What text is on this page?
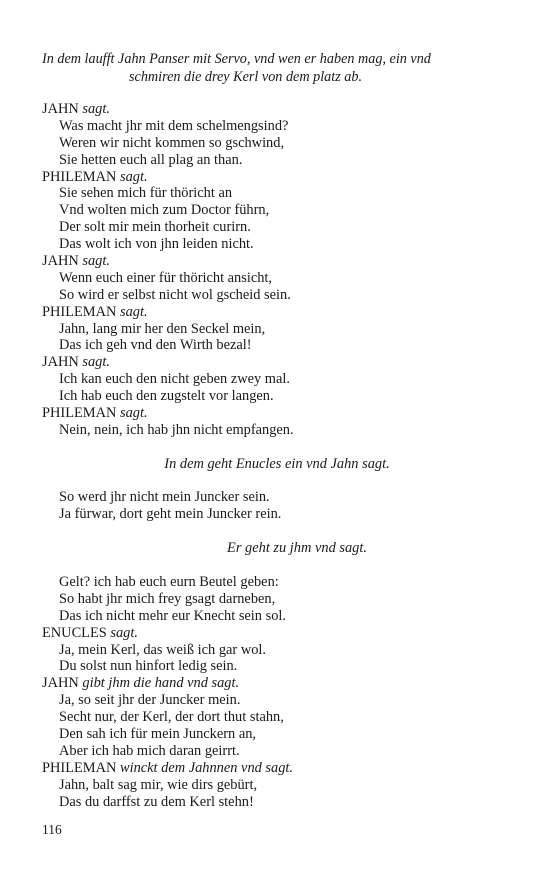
In dem laufft Jahn Panser mit Servo, vnd wen er haben mag, ein vnd
schmiren die drey Kerl von dem platz ab.
JAHN sagt.
Was macht jhr mit dem schelmengsind?
Weren wir nicht kommen so gschwind,
Sie hetten euch all plag an than.
PHILEMAN sagt.
Sie sehen mich für thöricht an
Vnd wolten mich zum Doctor führn,
Der solt mir mein thorheit curirn.
Das wolt ich von jhn leiden nicht.
JAHN sagt.
Wenn euch einer für thöricht ansicht,
So wird er selbst nicht wol gscheid sein.
PHILEMAN sagt.
Jahn, lang mir her den Seckel mein,
Das ich geh vnd den Wirth bezal!
JAHN sagt.
Ich kan euch den nicht geben zwey mal.
Ich hab euch den zugstelt vor langen.
PHILEMAN sagt.
Nein, nein, ich hab jhn nicht empfangen.
In dem geht Enucles ein vnd Jahn sagt.
So werd jhr nicht mein Juncker sein.
Ja fürwar, dort geht mein Juncker rein.
Er geht zu jhm vnd sagt.
Gelt? ich hab euch eurn Beutel geben:
So habt jhr mich frey gsagt darneben,
Das ich nicht mehr eur Knecht sein sol.
ENUCLES sagt.
Ja, mein Kerl, das weiß ich gar wol.
Du solst nun hinfort ledig sein.
JAHN gibt jhm die hand vnd sagt.
Ja, so seit jhr der Juncker mein.
Secht nur, der Kerl, der dort thut stahn,
Den sah ich für mein Junckern an,
Aber ich hab mich daran geirrt.
PHILEMAN winckt dem Jahnnen vnd sagt.
Jahn, balt sag mir, wie dirs gebürt,
Das du darffst zu dem Kerl stehn!
116
